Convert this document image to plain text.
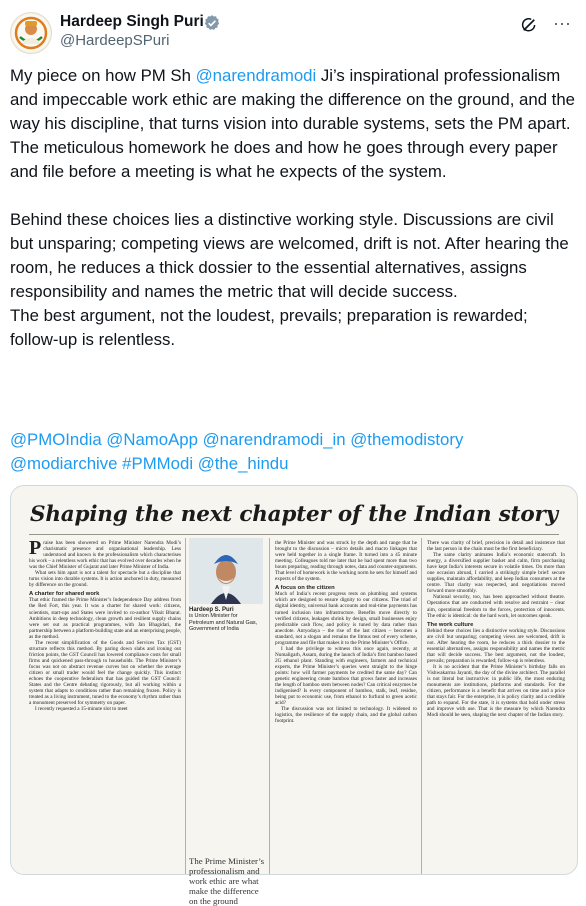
Hardeep Singh Puri
@HardeepSPuri
⋯

My piece on how PM Sh @narendramodi Ji’s inspirational professionalism and impeccable work ethic are making the difference on the ground, and the way his discipline, that turns vision into durable systems, sets the PM apart.

The meticulous homework he does and how he goes through every paper and file before a meeting is what he expects of the system.

Behind these choices lies a distinctive working style. Discussions are civil but unsparing; competing views are welcomed, drift is not. After hearing the room, he reduces a thick dossier to the essential alternatives, assigns responsibility and names the metric that will decide success.

The best argument, not the loudest, prevails; preparation is rewarded; follow-up is relentless.

@PMOIndia @NamoApp @narendramodi_in @themodistory
@modiarchive #PMModi @the_hindu
Shaping the next chapter of the Indian story
Praise has been showered on Prime Minister Narendra Modi’s charismatic presence and organisational leadership. Less understood and known is the professionalism which characterises his work – a relentless work ethic that has evolved over decades when he was the Chief Minister of Gujarat and later Prime Minister of India.
What sets him apart is not a talent for spectacle but a discipline that turns vision into durable systems. It is action anchored in duty, measured by difference on the ground.
A charter for shared work
That ethic framed the Prime Minister’s Independence Day address from the Red Fort, this year. It was a charter for shared work: citizens, scientists, start-ups and States were invited to co-author Viksit Bharat. Ambitions in deep technology, clean growth and resilient supply chains were set out as practical programmes, with Jan Bhagidari, the partnership between a platform-building state and an enterprising people, as the method.
The recent simplification of the Goods and Services Tax (GST) structure reflects this method. By paring down slabs and ironing out friction points, the GST Council has lowered compliance costs for small firms and quickened pass-through to households. The Prime Minister’s focus was not on abstract revenue curves but on whether the average citizen or small trader would feel the change quickly. This instinct echoes the cooperative federalism that has guided the GST Council: States and the Centre debating rigorously, but all working within a system that adapts to conditions rather than remaining frozen. Policy is treated as a living instrument, tuned to the economy’s rhythm rather than a monument preserved for symmetry on paper.
I recently requested a 15-minute slot to meet
Hardeep S. Puri
is Union Minister for Petroleum and Natural Gas, Government of India
The Prime Minister’s professionalism and work ethic are what make the difference on the ground
the Prime Minister and was struck by the depth and range that he brought to the discussion – micro details and macro linkages that were held together in a single frame. It turned into a 45 minute meeting. Colleagues told me later that he had spent more than two hours preparing, reading through notes, data and counter-arguments. That level of homework is the working norm he sets for himself and expects of the system.
A focus on the citizen
Much of India’s recent progress rests on plumbing and systems which are designed to ensure dignity to our citizens. The triad of digital identity, universal bank accounts and real-time payments has turned inclusion into infrastructure. Benefits move directly to verified citizens, leakages shrink by design, small businesses enjoy predictable cash flow, and policy is tuned by data rather than anecdote. Antyodaya – the rise of the last citizen – becomes a standard, not a slogan and remains the litmus test of every scheme, programme and file that makes it to the Prime Minister’s Office.
I had the privilege to witness this once again, recently, at Numaligarh, Assam, during the launch of India’s first bamboo based 2G ethanol plant. Standing with engineers, farmers and technical experts, the Prime Minister’s queries went straight to the hinge points: how will farmer payments be credited the same day? Can genetic engineering create bamboo that grows faster and increases the length of bamboo stem between nodes? Can critical enzymes be indigenised? Is every component of bamboo, stalk, leaf, residue, being put to economic use, from ethanol to furfural to green acetic acid?
The discussion was not limited to technology. It widened to logistics, the resilience of the supply chain, and the global carbon footprint.
There was clarity of brief, precision in detail and insistence that the last person in the chain must be the first beneficiary.
The same clarity animates India’s economic statecraft. In energy, a diversified supplier basket and calm, firm purchasing have kept India’s interests secure in volatile times. On more than one occasion abroad, I carried a strikingly simple brief: secure supplies, maintain affordability, and keep Indian consumers at the centre. That clarity was respected, and negotiations moved forward more smoothly.
National security, too, has been approached without theatre. Operations that are conducted with resolve and restraint – clear aim, operational freedom to the forces, protection of innocents. The ethic is identical: do the hard work, let outcomes speak.
The work culture
Behind these choices lies a distinctive working style. Discussions are civil but unsparing; competing views are welcomed, drift is not. After hearing the room, he reduces a thick dossier to the essential alternatives, assigns responsibility and names the metric that will decide success. The best argument, not the loudest, prevails; preparation is rewarded; follow-up is relentless.
It is no accident that the Prime Minister’s birthday falls on Vishwakarma Jayanti, the day of the divine architect. The parallel is not literal but instructive: in public life, the most enduring monuments are institutions, platforms and standards. For the citizen, performance is a benefit that arrives on time and a price that stays fair. For the enterprise, it is policy clarity and a credible path to expand. For the state, it is systems that hold under stress and improve with use. That is the measure by which Narendra Modi should be seen, shaping the next chapter of the Indian story.
